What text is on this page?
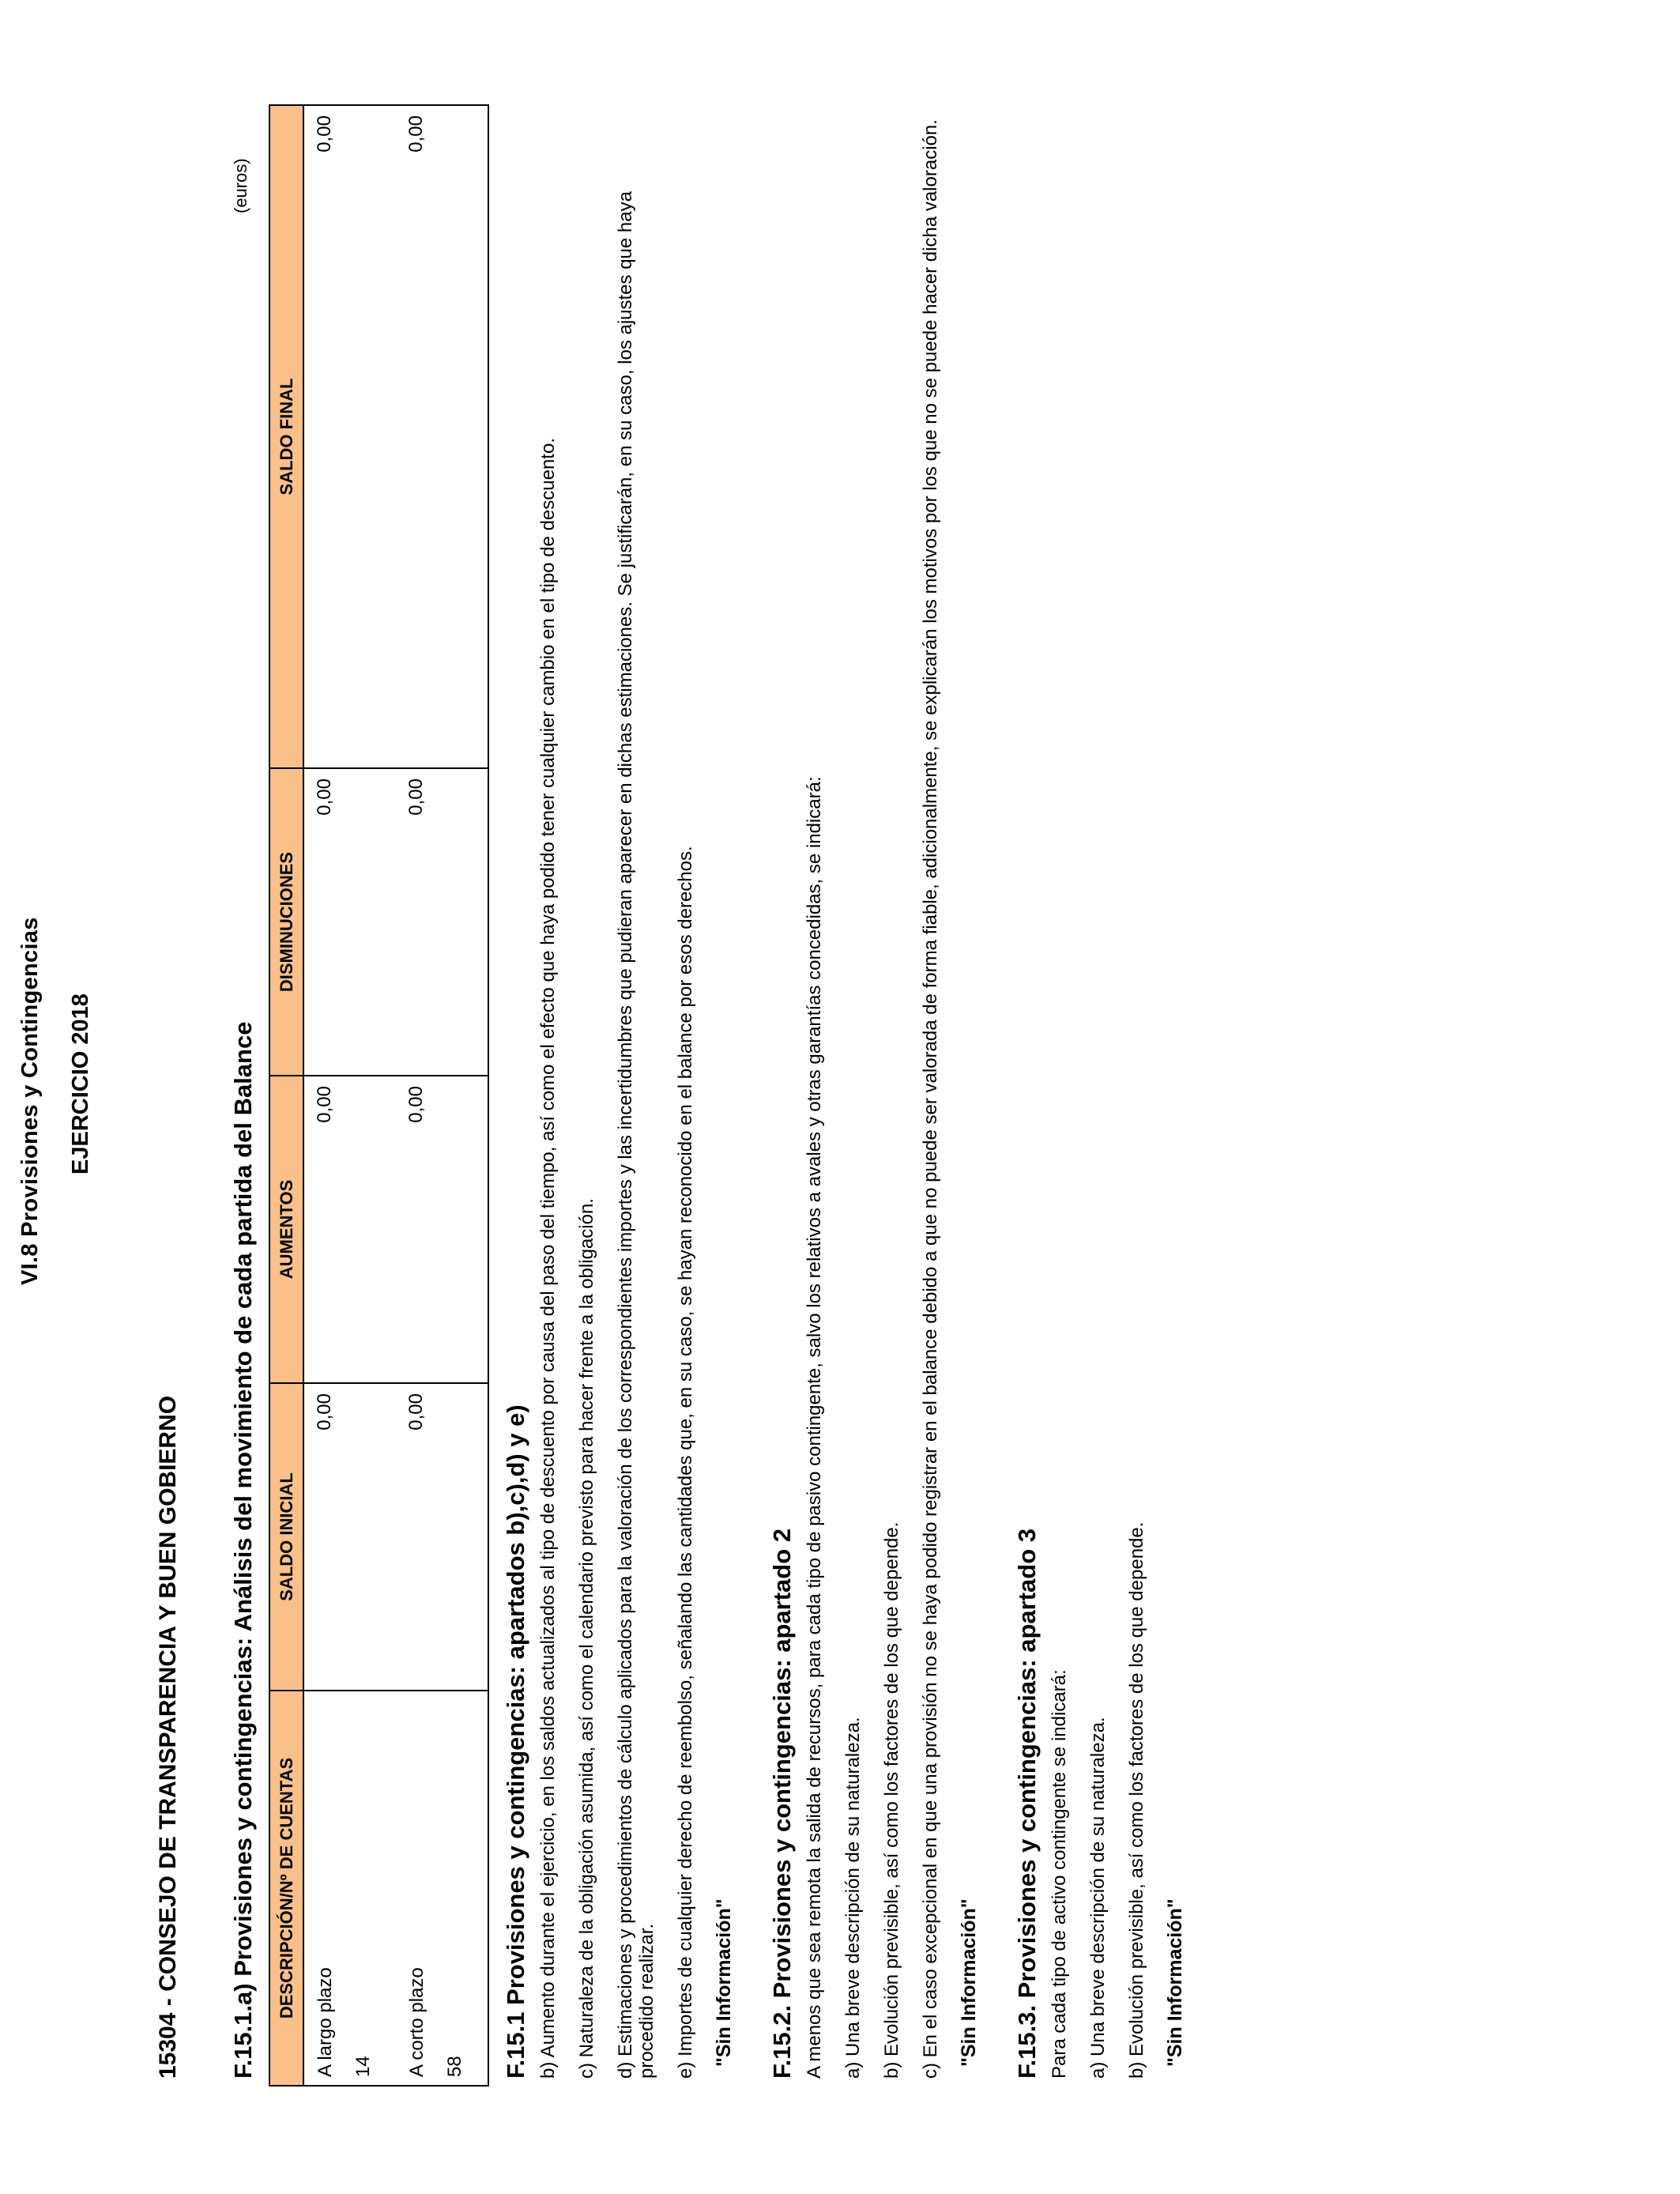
VI.8 Provisiones y Contingencias EJERCICIO 2018
15304 - CONSEJO DE TRANSPARENCIA Y BUEN GOBIERNO F.15.1.a) Provisiones y contingencias: Análisis del movimiento de cada partida del Balance
(euros)
DESCRIPCIÓN/Nº DE CUENTAS	SALDO INICIAL	AUMENTOS	DISMINUCIONES	SALDO FINAL

A largo plazo 14	0,00	0,00	0,00	0,00

A corto plazo 58	0,00	0,00	0,00	0,00
F.15.1 Provisiones y contingencias: apartados b),c),d) y e) b) Aumento durante el ejercicio, en los saldos actualizados al tipo de descuento por causa del paso del tiempo, así como el efecto que haya podido tener cualquier cambio en el tipo de descuento. c) Naturaleza de la obligación asumida, así como el calendario previsto para hacer frente a la obligación. d) Estimaciones y procedimientos de cálculo aplicados para la valoración de los correspondientes importes y las incertidumbres que pudieran aparecer en dichas estimaciones. Se justificarán, en su caso, los ajustes que haya procedido realizar. e) Importes de cualquier derecho de reembolso, señalando las cantidades que, en su caso, se hayan reconocido en el balance por esos derechos. "Sin Información" F.15.2. Provisiones y contingencias: apartado 2 A menos que sea remota la salida de recursos, para cada tipo de pasivo contingente, salvo los relativos a avales y otras garantías concedidas, se indicará: a) Una breve descripción de su naturaleza. b) Evolución previsible, así como los factores de los que depende. c) En el caso excepcional en que una provisión no se haya podido registrar en el balance debido a que no puede ser valorada de forma fiable, adicionalmente, se explicarán los motivos por los que no se puede hacer dicha valoración. "Sin Información" F.15.3. Provisiones y contingencias: apartado 3 Para cada tipo de activo contingente se indicará: a) Una breve descripción de su naturaleza. b) Evolución previsible, así como los factores de los que depende. "Sin Información"
